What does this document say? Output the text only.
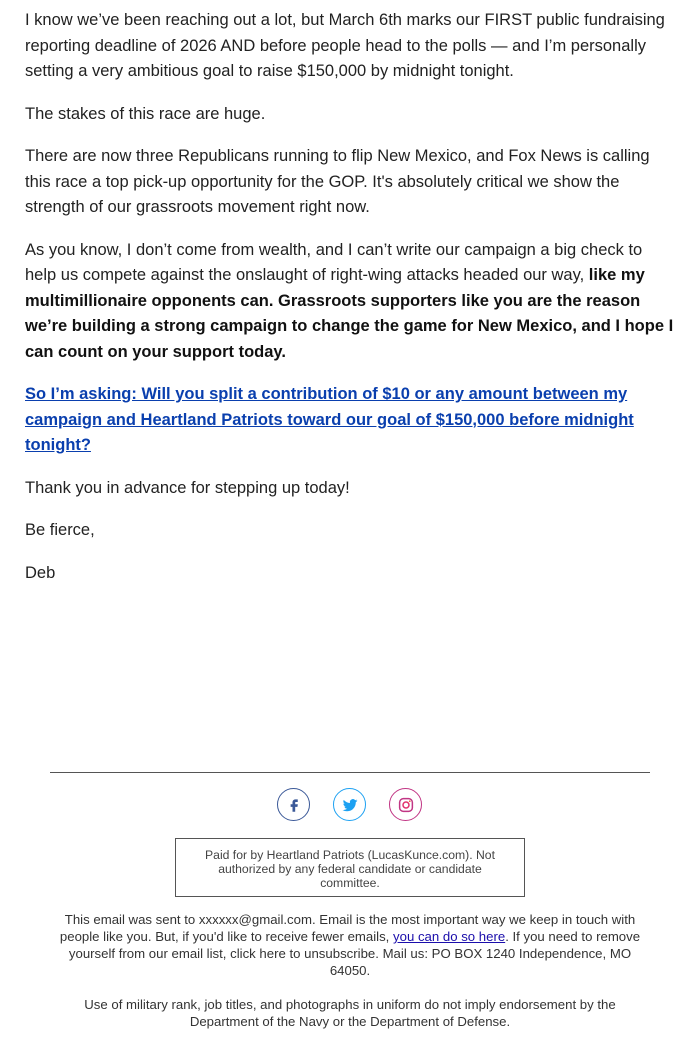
I know we’ve been reaching out a lot, but March 6th marks our FIRST public fundraising reporting deadline of 2026 AND before people head to the polls — and I’m personally setting a very ambitious goal to raise $150,000 by midnight tonight.

The stakes of this race are huge.

There are now three Republicans running to flip New Mexico, and Fox News is calling this race a top pick-up opportunity for the GOP. It's absolutely critical we show the strength of our grassroots movement right now.

As you know, I don’t come from wealth, and I can’t write our campaign a big check to help us compete against the onslaught of right-wing attacks headed our way, like my multimillionaire opponents can. Grassroots supporters like you are the reason we’re building a strong campaign to change the game for New Mexico, and I hope I can count on your support today.

So I’m asking: Will you split a contribution of $10 or any amount between my campaign and Heartland Patriots toward our goal of $150,000 before midnight tonight?

Thank you in advance for stepping up today!

Be fierce,

Deb

Paid for by Heartland Patriots (LucasKunce.com). Not authorized by any federal candidate or candidate committee.

This email was sent to xxxxxx@gmail.com. Email is the most important way we keep in touch with people like you. But, if you'd like to receive fewer emails, you can do so here. If you need to remove yourself from our email list, click here to unsubscribe. Mail us: PO BOX 1240 Independence, MO 64050.

Use of military rank, job titles, and photographs in uniform do not imply endorsement by the Department of the Navy or the Department of Defense.
